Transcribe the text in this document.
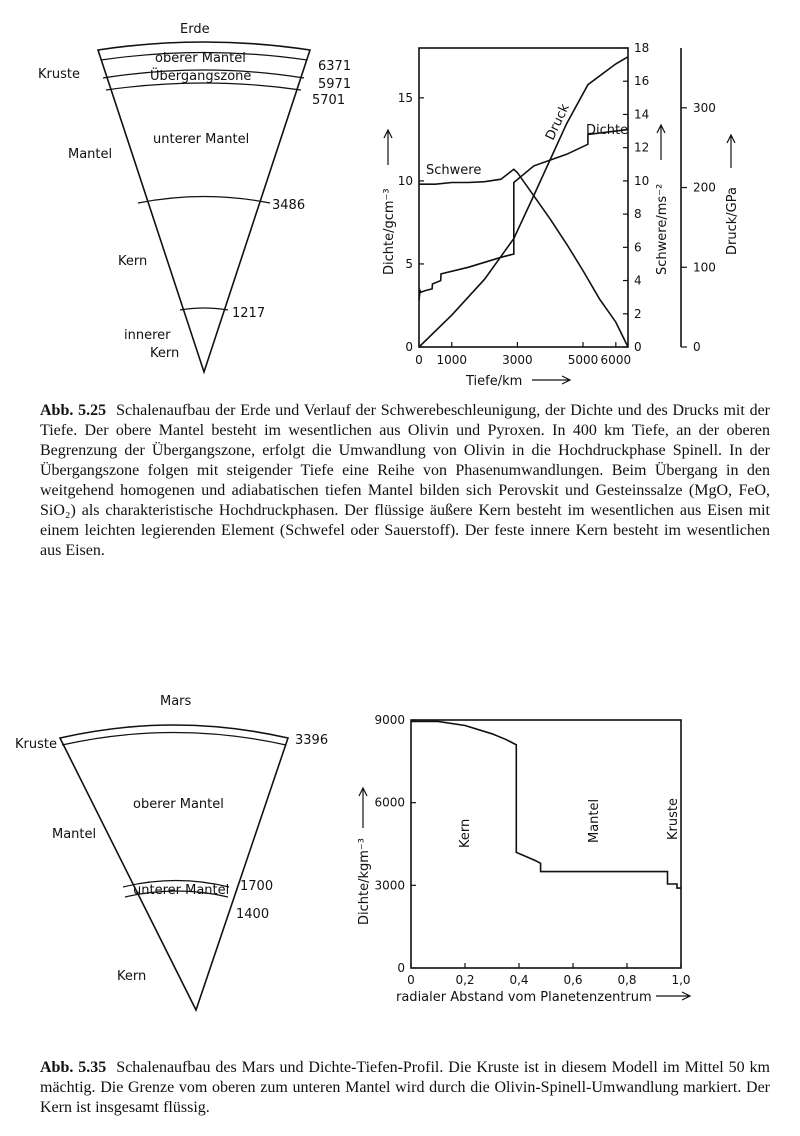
Erde
oberer Mantel
Übergangszone
unterer Mantel
Kern
innerer
Kern
Kruste
Mantel
6371
5971
5701
3486
1217
0 1000	3000	5000 6000
0
5
10
15
0
2
4
6
8
10
12
14
16
18
0
100
200
300
Dichte/gcm⁻³	Schwere/ms⁻²	Druck/GPa
Tiefe/km
Schwere
Dichte
Druck
Mars
oberer Mantel
unterer Mantel
Kern
Kruste
Mantel
3396
1700
1400
0	0,2	0,4	0,6	0,8	1,0
0
3000
6000
9000
Dichte/kgm⁻³
radialer Abstand vom Planetenzentrum
Kern	Mantel	Kruste
Abb. 5.25 Schalenaufbau der Erde und Verlauf der Schwerebeschleunigung, der Dichte und des Drucks mit der Tiefe. Der obere Mantel besteht im wesentlichen aus Olivin und Pyroxen. In 400 km Tiefe, an der oberen Begrenzung der Übergangszone, erfolgt die Umwandlung von Olivin in die Hochdruckphase Spinell. In der Übergangszone folgen mit steigender Tiefe eine Reihe von Phasenumwandlungen. Beim Übergang in den weitgehend homogenen und adiabatischen tiefen Mantel bilden sich Perovskit und Gesteinssalze (MgO, FeO, SiO₂) als charakteristische Hochdruckphasen. Der flüssige äußere Kern besteht im wesentlichen aus Eisen mit einem leichten legierenden Element (Schwefel oder Sauerstoff). Der feste innere Kern besteht im wesentlichen aus Eisen.
Abb. 5.35 Schalenaufbau des Mars und Dichte-Tiefen-Profil. Die Kruste ist in diesem Modell im Mittel 50 km mächtig. Die Grenze vom oberen zum unteren Mantel wird durch die Olivin-Spinell-Umwandlung markiert. Der Kern ist insgesamt flüssig.
